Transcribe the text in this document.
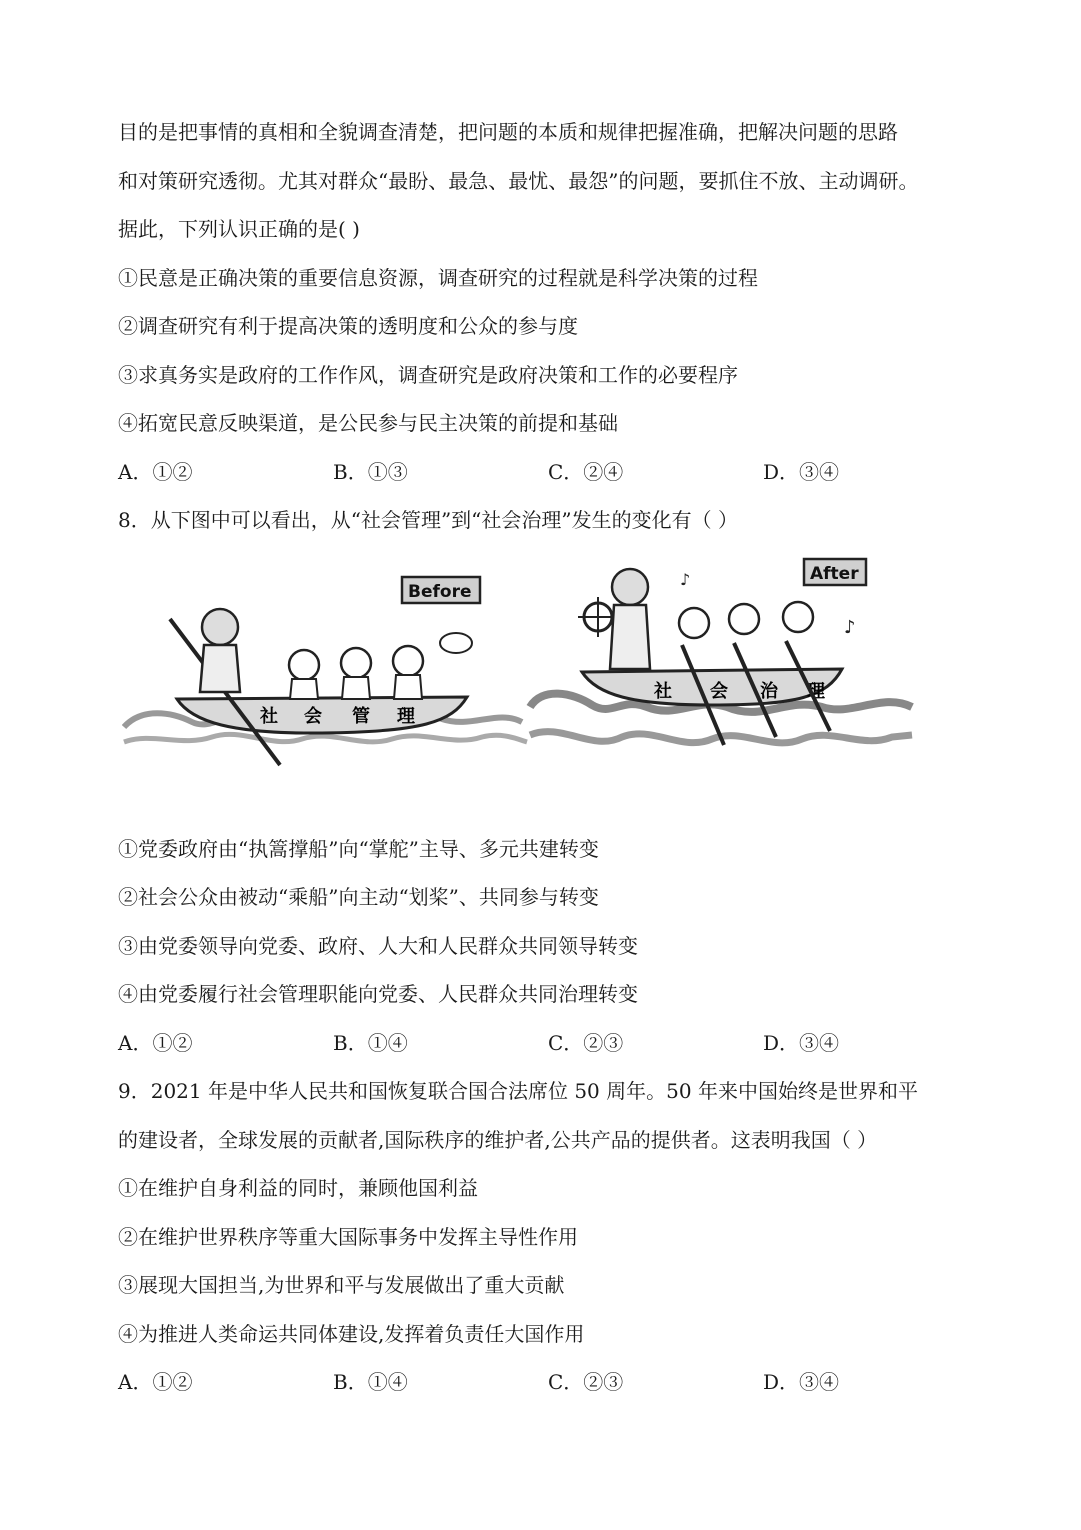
目的是把事情的真相和全貌调查清楚，把问题的本质和规律把握准确，把解决问题的思路
和对策研究透彻。尤其对群众“最盼、最急、最忧、最怨”的问题，要抓住不放、主动调研。
据此，下列认识正确的是( )
①民意是正确决策的重要信息资源，调查研究的过程就是科学决策的过程
②调查研究有利于提高决策的透明度和公众的参与度
③求真务实是政府的工作作风，调查研究是政府决策和工作的必要程序
④拓宽民意反映渠道，是公民参与民主决策的前提和基础
A．①②	B．①③	C．②④	D．③④
8．从下图中可以看出，从“社会管理”到“社会治理”发生的变化有（ ）
社 会 管 理
Before
社 会 治 理
♪
♪
After
①党委政府由“执篙撑船”向“掌舵”主导、多元共建转变
②社会公众由被动“乘船”向主动“划桨”、共同参与转变
③由党委领导向党委、政府、人大和人民群众共同领导转变
④由党委履行社会管理职能向党委、人民群众共同治理转变
A．①②	B．①④	C．②③	D．③④
9．2021 年是中华人民共和国恢复联合国合法席位 50 周年。50 年来中国始终是世界和平
的建设者，全球发展的贡献者,国际秩序的维护者,公共产品的提供者。这表明我国（ ）
①在维护自身利益的同时，兼顾他国利益
②在维护世界秩序等重大国际事务中发挥主导性作用
③展现大国担当,为世界和平与发展做出了重大贡献
④为推进人类命运共同体建设,发挥着负责任大国作用
A．①②	B．①④	C．②③	D．③④
